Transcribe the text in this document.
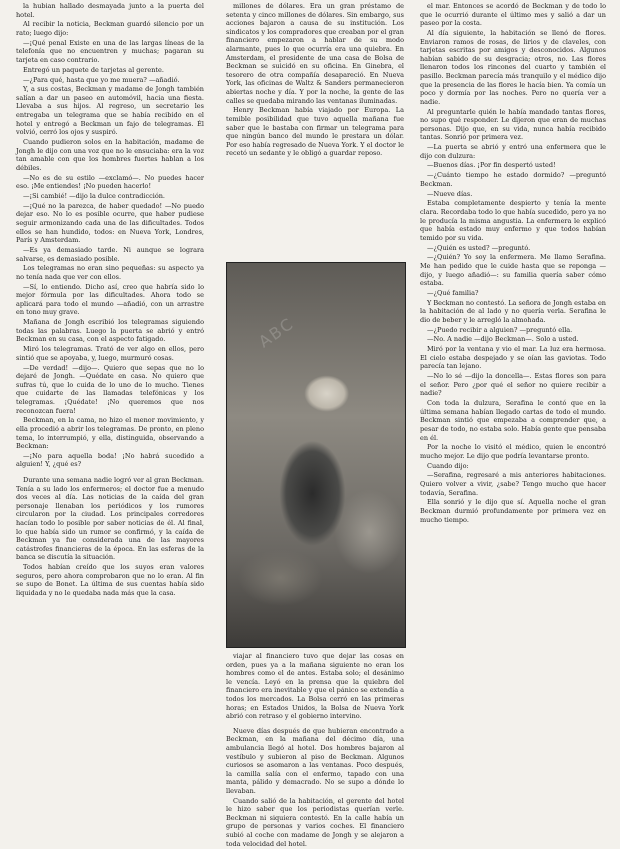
la hubian hallado desmayada junto a la puerta del hotel.

Al recibir la noticia, Beckman guardó silencio por un rato; luego dijo:

—¡Qué penal Existe en una de las largas líneas de la telefonía que no encuentren y muchas; pagaran su tarjeta en caso contrario.

Entregó un paquete de tarjetas al gerente.

—¿Para qué, hasta que yo me muera? —añadió.

Y, a sus costas, Beckman y madame de Jongh también salían a dar un paseo en automóvil, hacia una fiesta. Llevaba a sus hijos. Al regreso, un secretario les entregaba un telegrama que se había recibido en el hotel y entregó a Beckman un fajo de telegramas. Él volvió, cerró los ojos y suspiró.

Cuando pudieron solos en la habitación, madame de Jongh le dijo con una voz que no le ensuciaba: era la voz tan amable con que los hombres fuertes hablan a los débiles.

—No es de su estilo —exclamó—. No puedes hacer eso. ¡Me entiendes! ¡No pueden hacerlo!

—¡Si cambié! —dijo la dulce contradicción.

—¡Qué no la parezca, de haber quedado! —No puedo dejar eso. No lo es posible ocurre, que haber pudiese seguir armonizando cada una de las dificultades. Todos ellos se han hundido, todos: en Nueva York, Londres, París y Amsterdam.

—Es ya demasiado tarde. Ni aunque se lograra salvarse, es demasiado posible.

Los telegramas no eran sino pequeñas: su aspecto ya no tenía nada que ver con ellos.

—Sí, lo entiendo. Dicho así, creo que habría sido lo mejor fórmula por las dificultades. Ahora todo se aplicará para todo el mundo —añadió, con un arrastre en tono muy grave.

Mañana de Jongh escribió los telegramas siguiendo todas las palabras. Luego la puerta se abrió y entró Beckman en su casa, con el aspecto fatigado.

Miró los telegramas. Trató de ver algo en ellos, pero sintió que se apoyaba, y, luego, murmuró cosas.

—De verdad! —dijo—. Quiero que sepas que no lo dejaré de Jongh. —Quédate en casa. No quiero que sufras tú, que lo cuida de lo uno de lo mucho. Tienes que cuidarte de las llamadas telefónicas y los telegramas. ¡Quédate! ¡No queremos que nos reconozcan fuera!

Beckman, en la cama, no hizo el menor movimiento, y ella procedió a abrir los telegramas. De pronto, en pleno tema, lo interrumpió, y ella, distinguida, observando a Beckman:

—¡No para aquella boda! ¡No habrá sucedido a alguien! Y, ¿qué es?

Durante una semana nadie logró ver al gran Beckman. Tenía a su lado los enfermeros; el doctor fue a menudo dos veces al día. Las noticias de la caída del gran personaje llenaban los periódicos y los rumores circularon por la ciudad. Los principales corredores hacían todo lo posible por saber noticias de él. Al final, lo que había sido un rumor se confirmó, y la caída de Beckman ya fue considerada una de las mayores catástrofes financieras de la época. En las esferas de la banca se discutía la situación.

Todos habían creído que los suyos eran valores seguros, pero ahora comprobaron que no lo eran. Al fin se supo de Bonet. La última de sus cuentas había sido liquidada y no le quedaba nada más que la casa.

millones de dólares. Era un gran préstamo de setenta y cinco millones de dólares. Sin embargo, sus acciones bajaron a causa de su institución. Los sindicatos y los compradores que creaban por el gran financiero empezaron a hablar de su modo alarmante, pues lo que ocurría era una quiebra. En Amsterdam, el presidente de una casa de Bolsa de Beckman se suicidó en su oficina. En Ginebra, el tesorero de otra compañía desapareció. En Nueva York, las oficinas de Waltz & Sanders permanecieron abiertas noche y día. Y por la noche, la gente de las calles se quedaba mirando las ventanas iluminadas.

Henry Beckman había viajado por Europa. La temible posibilidad que tuvo aquella mañana fue saber que le bastaba con firmar un telegrama para que ningún banco del mundo le prestara un dólar. Por eso había regresado de Nueva York. Y el doctor le recetó un sedante y le obligó a guardar reposo.

ABC

viajar al financiero tuvo que dejar las cosas en orden, pues ya a la mañana siguiente no eran los hombres como el de antes. Estaba solo; el desánimo le vencía. Leyó en la prensa que la quiebra del financiero era inevitable y que el pánico se extendía a todos los mercados. La Bolsa cerró en las primeras horas; en Estados Unidos, la Bolsa de Nueva York abrió con retraso y el gobierno intervino.

Nueve días después de que hubieran encontrado a Beckman, en la mañana del décimo día, una ambulancia llegó al hotel. Dos hombres bajaron al vestíbulo y subieron al piso de Beckman. Algunos curiosos se asomaron a las ventanas. Poco después, la camilla salía con el enfermo, tapado con una manta, pálido y demacrado. No se supo a dónde lo llevaban.

Cuando salió de la habitación, el gerente del hotel le hizo saber que los periodistas querían verle. Beckman ni siquiera contestó. En la calle había un grupo de personas y varios coches. El financiero subió al coche con madame de Jongh y se alejaron a toda velocidad del hotel.

el mar. Entonces se acordó de Beckman y de todo lo que le ocurrió durante el último mes y salió a dar un paseo por la costa.

Al día siguiente, la habitación se llenó de flores. Enviaron ramos de rosas, de lirios y de claveles, con tarjetas escritas por amigos y desconocidos. Algunos habían sabido de su desgracia; otros, no. Las flores llenaron todos los rincones del cuarto y también el pasillo. Beckman parecía más tranquilo y el médico dijo que la presencia de las flores le hacía bien. Ya comía un poco y dormía por las noches. Pero no quería ver a nadie.

Al preguntarle quién le había mandado tantas flores, no supo qué responder. Le dijeron que eran de muchas personas. Dijo que, en su vida, nunca había recibido tantas. Sonrió por primera vez.

—La puerta se abrió y entró una enfermera que le dijo con dulzura:

—Buenos días. ¡Por fin despertó usted!

—¿Cuánto tiempo he estado dormido? —preguntó Beckman.

—Nueve días.

Estaba completamente despierto y tenía la mente clara. Recordaba todo lo que había sucedido, pero ya no le producía la misma angustia. La enfermera le explicó que había estado muy enfermo y que todos habían temido por su vida.

—¿Quién es usted? —preguntó.

—¿Quién? Yo soy la enfermera. Me llamo Serafina. Me han pedido que le cuide hasta que se reponga —dijo, y luego añadió—: su familia quería saber cómo estaba.

—¿Qué familia?

Y Beckman no contestó. La señora de Jongh estaba en la habitación de al lado y no quería verla. Serafina le dio de beber y le arregló la almohada.

—¿Puedo recibir a alguien? —preguntó ella.

—No. A nadie —dijo Beckman—. Solo a usted.

Miró por la ventana y vio el mar. La luz era hermosa. El cielo estaba despejado y se oían las gaviotas. Todo parecía tan lejano.

—No lo sé —dijo la doncella—. Estas flores son para el señor. Pero ¿por qué el señor no quiere recibir a nadie?

Con toda la dulzura, Serafina le contó que en la última semana habían llegado cartas de todo el mundo. Beckman sintió que empezaba a comprender que, a pesar de todo, no estaba solo. Había gente que pensaba en él.

Por la noche lo visitó el médico, quien le encontró mucho mejor. Le dijo que podría levantarse pronto.

Cuando dijo:

—Serafina, regresaré a mis anteriores habitaciones. Quiero volver a vivir, ¿sabe? Tengo mucho que hacer todavía, Serafina.

Ella sonrió y le dijo que sí. Aquella noche el gran Beckman durmió profundamente por primera vez en mucho tiempo.
